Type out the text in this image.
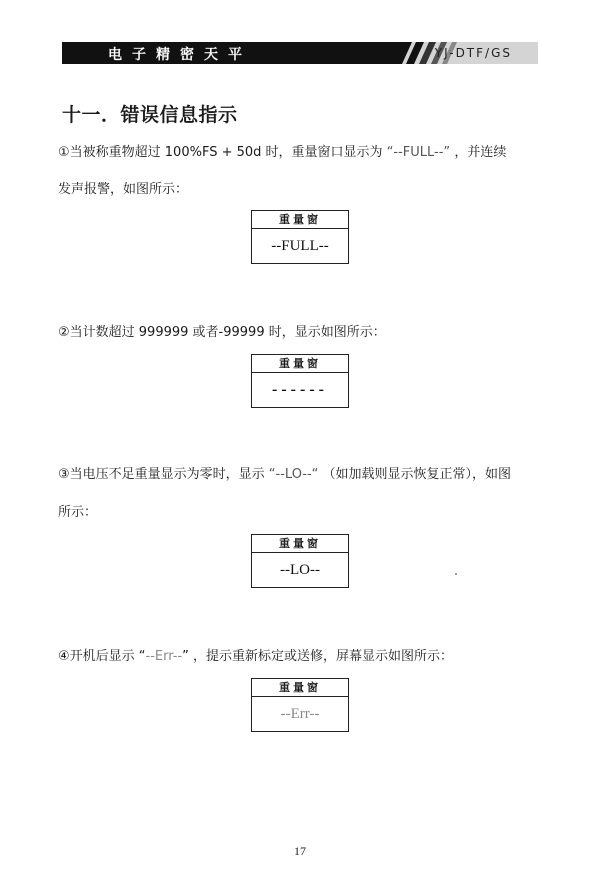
电子精密天平	YJ-DTF/GS
十一．错误信息指示
①当被称重物超过 100%FS + 50d 时，重量窗口显示为 “--FULL--” ，并连续
发声报警，如图所示：
重量窗
--FULL--
②当计数超过 999999 或者-99999 时，显示如图所示：
重量窗
------
③当电压不足重量显示为零时，显示 “--LO--“ （如加载则显示恢复正常），如图
所示：
重量窗
--LO--
④开机后显示 “--Err--” ，提示重新标定或送修，屏幕显示如图所示：
重量窗
--Err--
17
